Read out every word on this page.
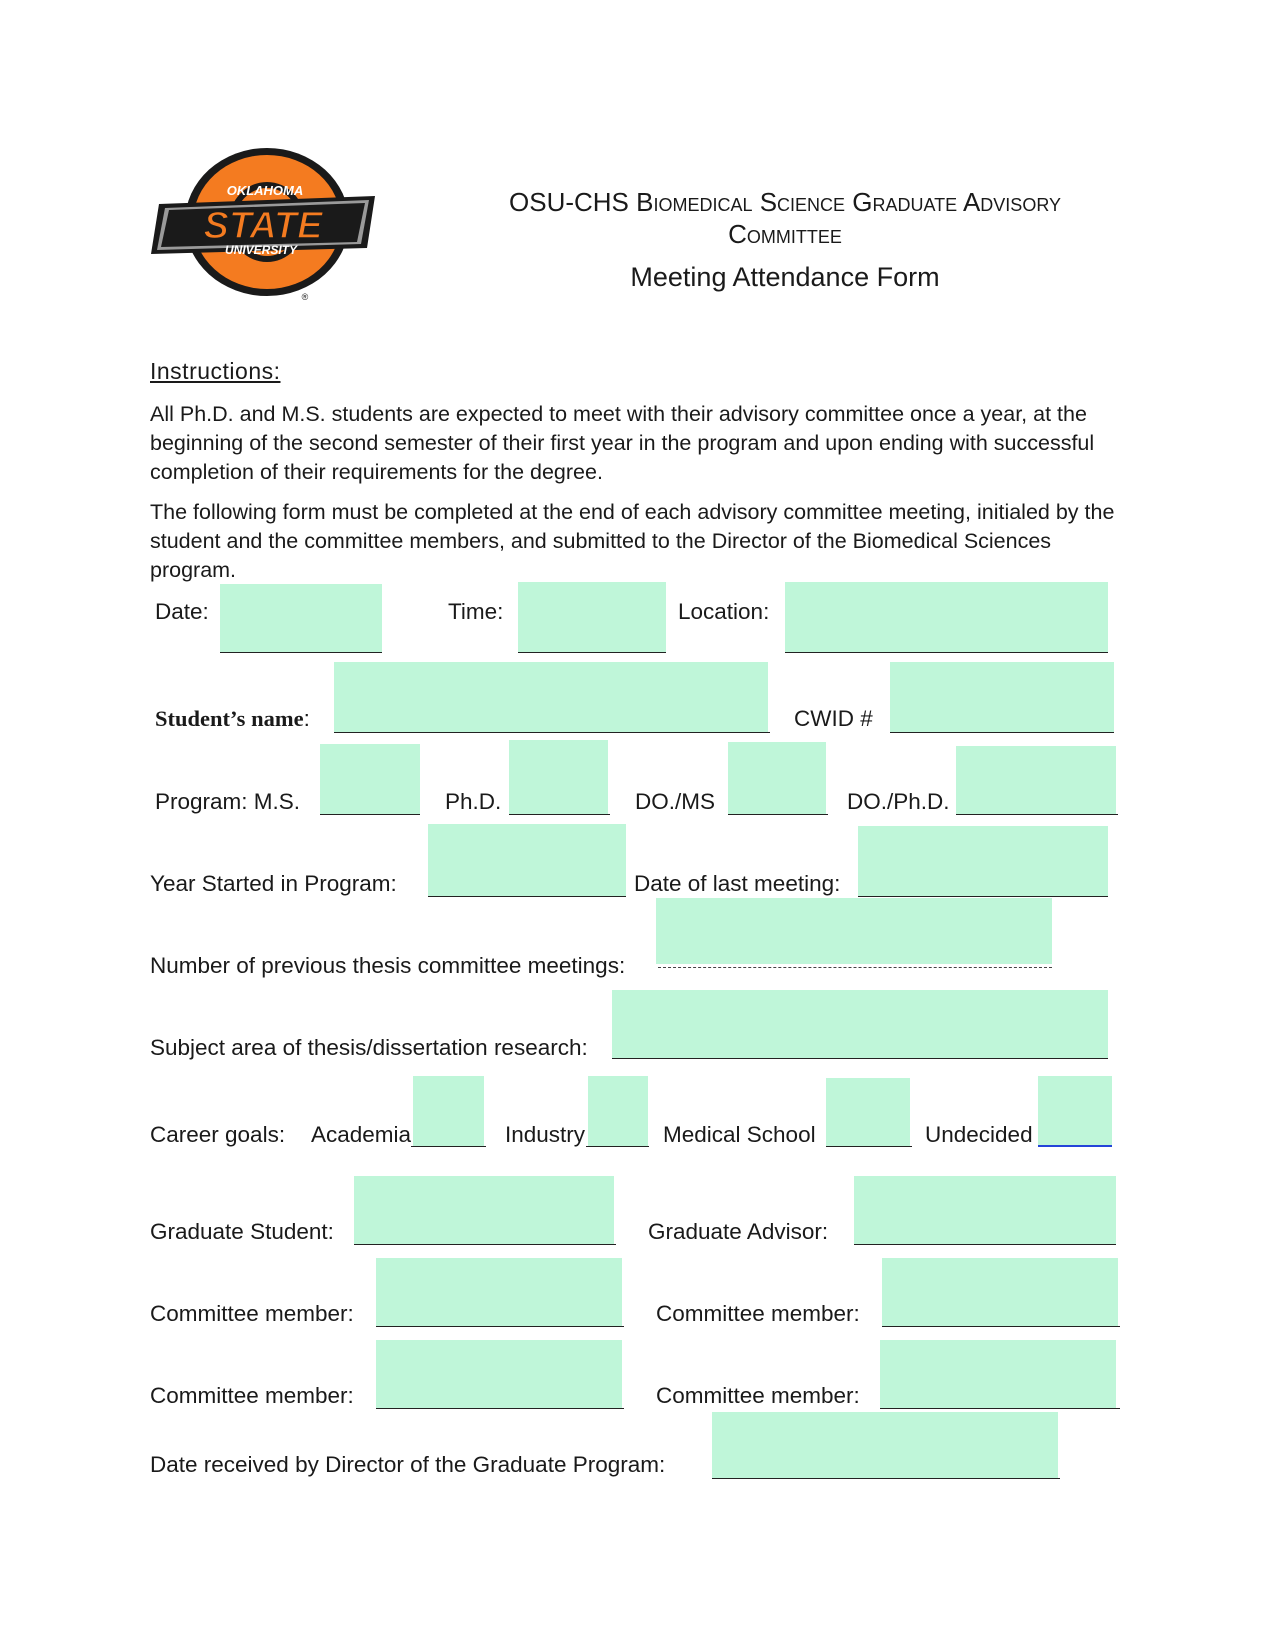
OKLAHOMA
STATE
UNIVERSITY
®
OSU-CHS Biomedical Science Graduate Advisory
Committee
Meeting Attendance Form
Instructions:
All Ph.D. and M.S. students are expected to meet with their advisory committee once a year, at the beginning of the second semester of their first year in the program and upon ending with successful completion of their requirements for the degree.
The following form must be completed at the end of each advisory committee meeting, initialed by the student and the committee members, and submitted to the Director of the Biomedical Sciences program.
Date:	Time:	Location:
Student’s name:	CWID #
Program: M.S.	Ph.D.	DO./MS	DO./Ph.D.
Year Started in Program:	Date of last meeting:
Number of previous thesis committee meetings:
Subject area of thesis/dissertation research:
Career goals: Academia	Industry	Medical School	Undecided
Graduate Student:	Graduate Advisor:
Committee member:	Committee member:
Committee member:	Committee member:
Date received by Director of the Graduate Program:
